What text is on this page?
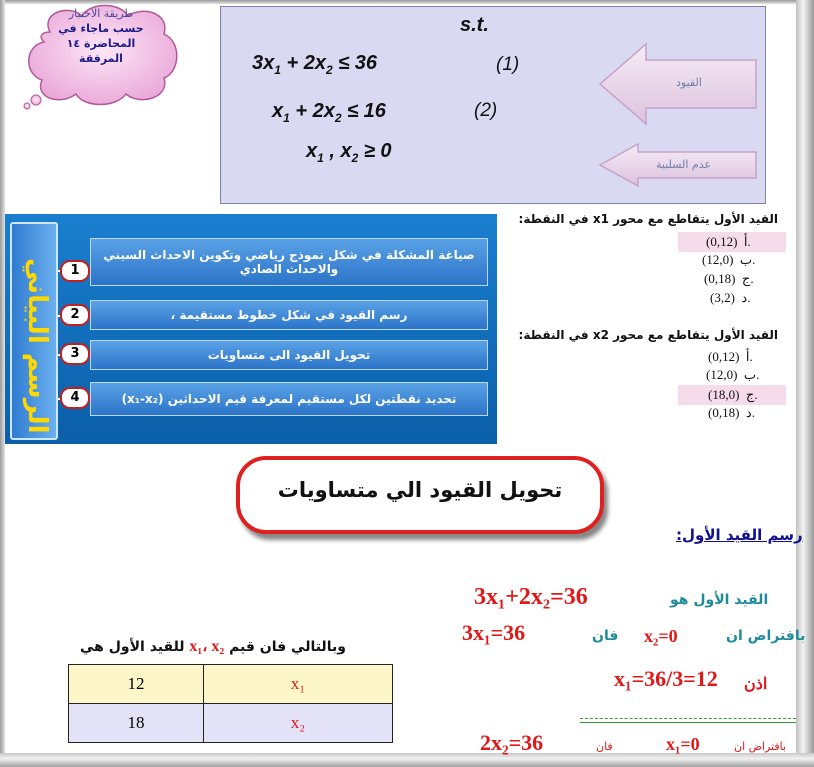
طريقة الاختبار
حسب ماجاء في
المحاضرة ١٤
المرفقة
s.t.
$3x_1 + 2x_2 \le 36$	(1)
$x_1 + 2x_2 \le 16$	(2)
$x_1$ , $x_2 \ge 0$
القيود
عدم السلبية
الرسم البياني	1
صياغة المشكلة في شكل نموذج رياضي وتكوين الاحداث السيني والاحداث الصادي
2	رسم القيود في شكل خطوط مستقيمة ،
3	تحويل القيود الى متساويات
4	تحديد نقطتين لكل مستقيم لمعرفة قيم الاحداثين (x₁-x₂)
القيد الأول يتقاطع مع محور x1 في النقطة:
(0,12) أ.
(12,0) ب.
(0,18) ج.
(3,2) د.
القيد الأول يتقاطع مع محور x2 في النقطة:
(0,12) أ.
(12,0) ب.
(18,0) ج.
(0,18) د.
تحويل القيود الي متساويات
رسم القيد الأول:
القيد الأول هو
3x₁+2x₂=36
بافتراض ان
x₂=0
فان
3x₁=36
اذن
x₁=36/3=12
بافتراض ان
x₁=0
فان
2x₂=36
وبالتالي فان قيم x₁، x₂ للقيد الأول هي
12	x₁
18	x₂
